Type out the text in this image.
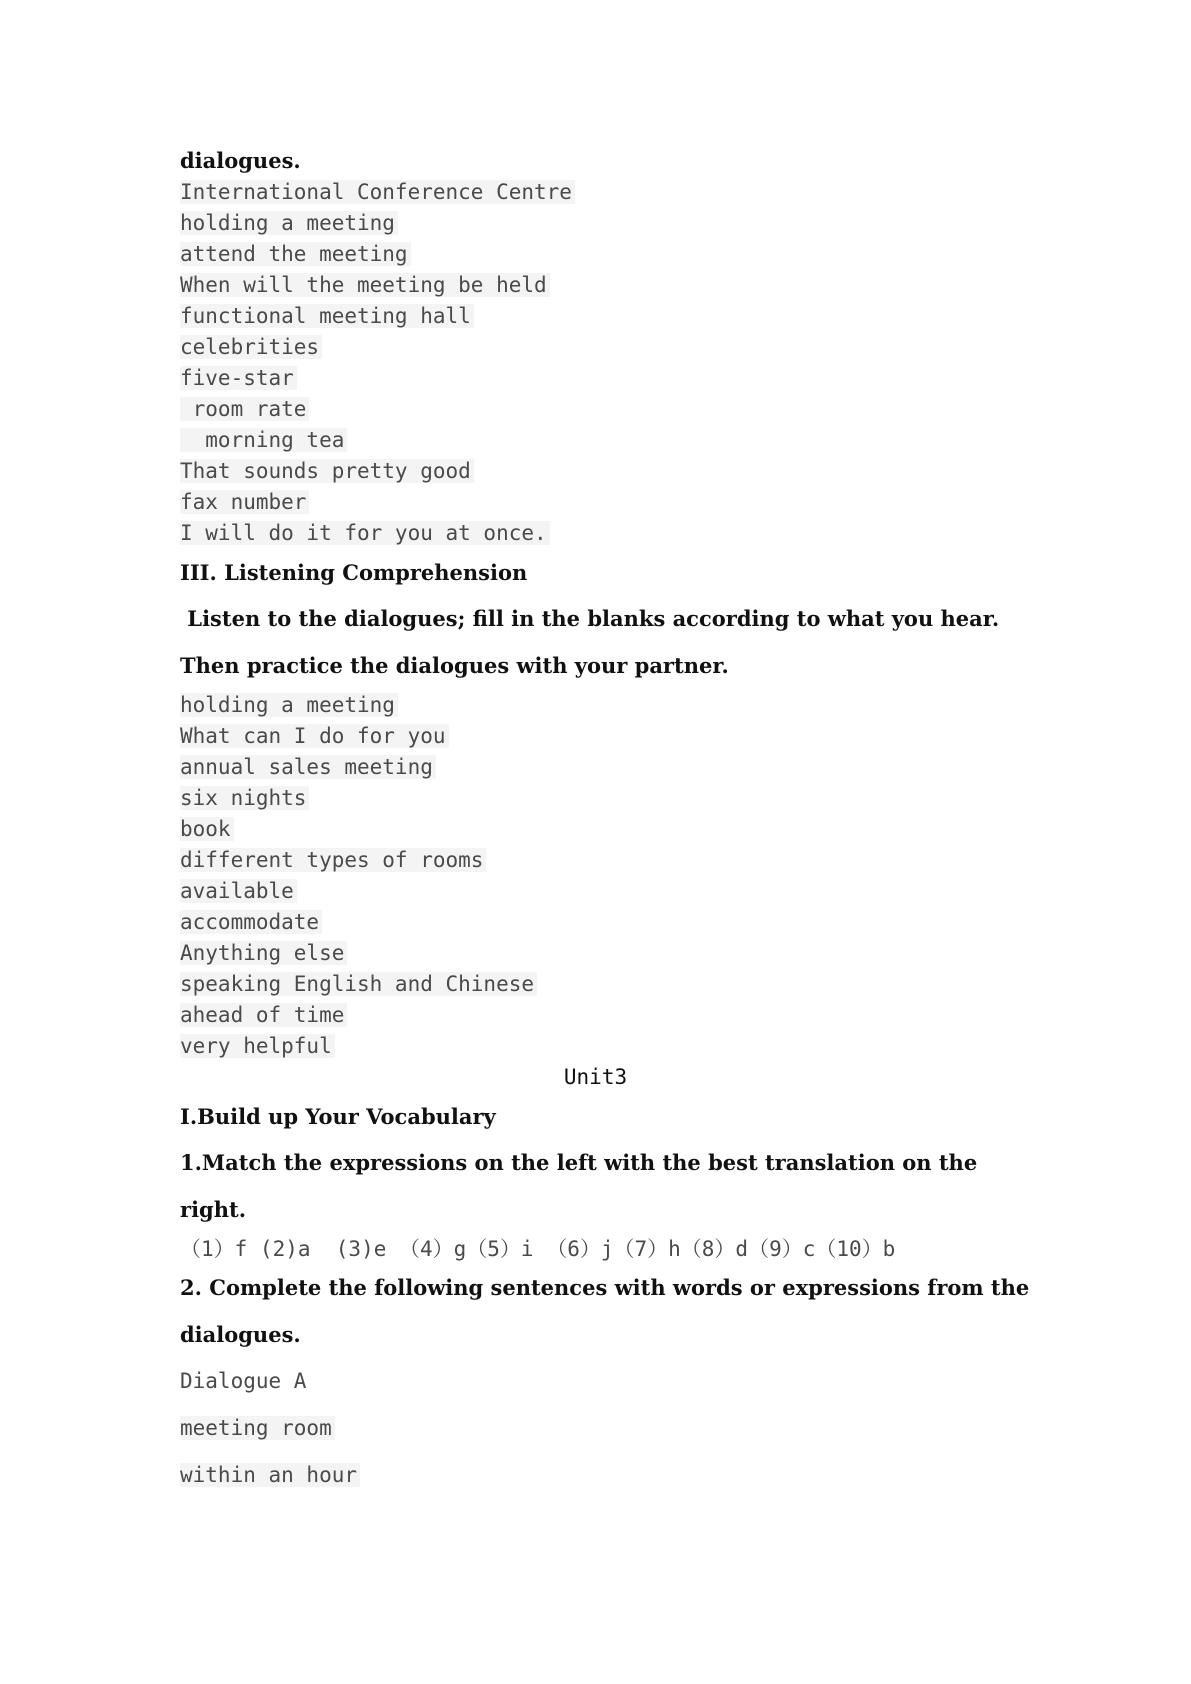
dialogues.
International Conference Centre
holding a meeting
attend the meeting
When will the meeting be held
functional meeting hall
celebrities
five-star
room rate
morning tea
That sounds pretty good
fax number
I will do it for you at once.
III. Listening Comprehension
Listen to the dialogues; fill in the blanks according to what you hear.
Then practice the dialogues with your partner.
holding a meeting
What can I do for you
annual sales meeting
six nights
book
different types of rooms
available
accommodate
Anything else
speaking English and Chinese
ahead of time
very helpful
Unit3
I.Build up Your Vocabulary
1.Match the expressions on the left with the best translation on the
right.
（1）f (2)a  (3)e （4）g（5）i （6）j（7）h（8）d（9）c（10）b
2. Complete the following sentences with words or expressions from the
dialogues.
Dialogue A
meeting room
within an hour
